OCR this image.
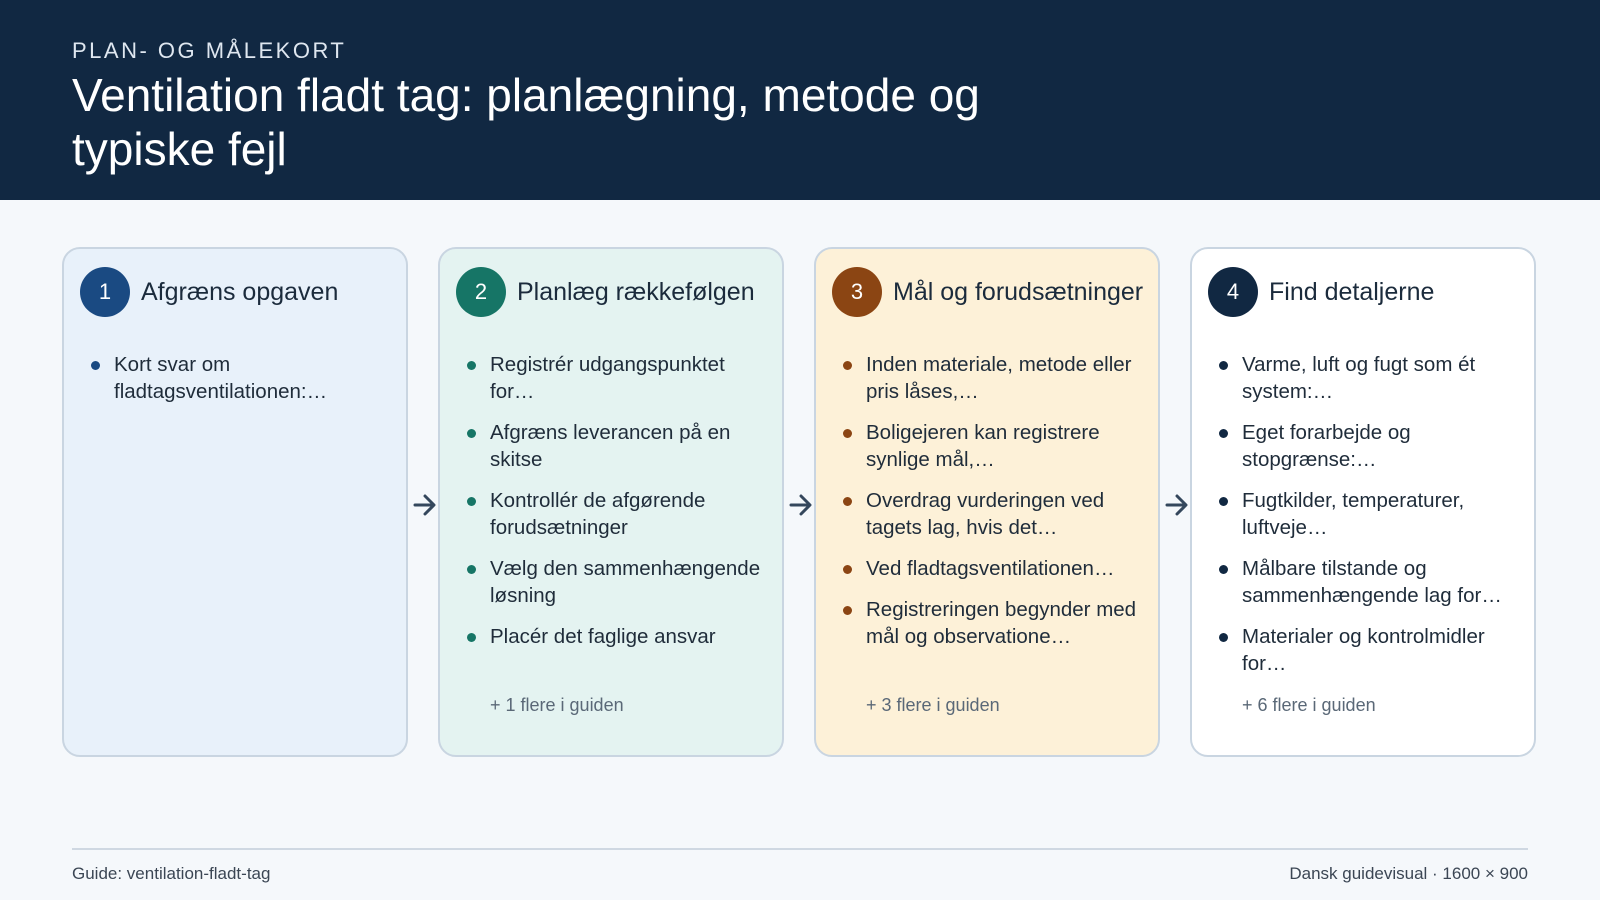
PLAN- OG MÅLEKORT
Ventilation fladt tag: planlægning, metode og typiske fejl
1	Afgræns opgaven
Kort svar om fladtagsventilationen:…
2	Planlæg rækkefølgen
Registrér udgangspunktet for…
Afgræns leverancen på en skitse
Kontrollér de afgørende forudsætninger
Vælg den sammenhængende løsning
Placér det faglige ansvar
+ 1 flere i guiden
3	Mål og forudsætninger
Inden materiale, metode eller pris låses,…
Boligejeren kan registrere synlige mål,…
Overdrag vurderingen ved tagets lag, hvis det…
Ved fladtagsventilationen…
Registreringen begynder med mål og observatione…
+ 3 flere i guiden
4	Find detaljerne
Varme, luft og fugt som ét system:…
Eget forarbejde og stopgrænse:…
Fugtkilder, temperaturer, luftveje…
Målbare tilstande og sammenhængende lag for…
Materialer og kontrolmidler for…
+ 6 flere i guiden
Guide: ventilation-fladt-tag	Dansk guidevisual · 1600 × 900
